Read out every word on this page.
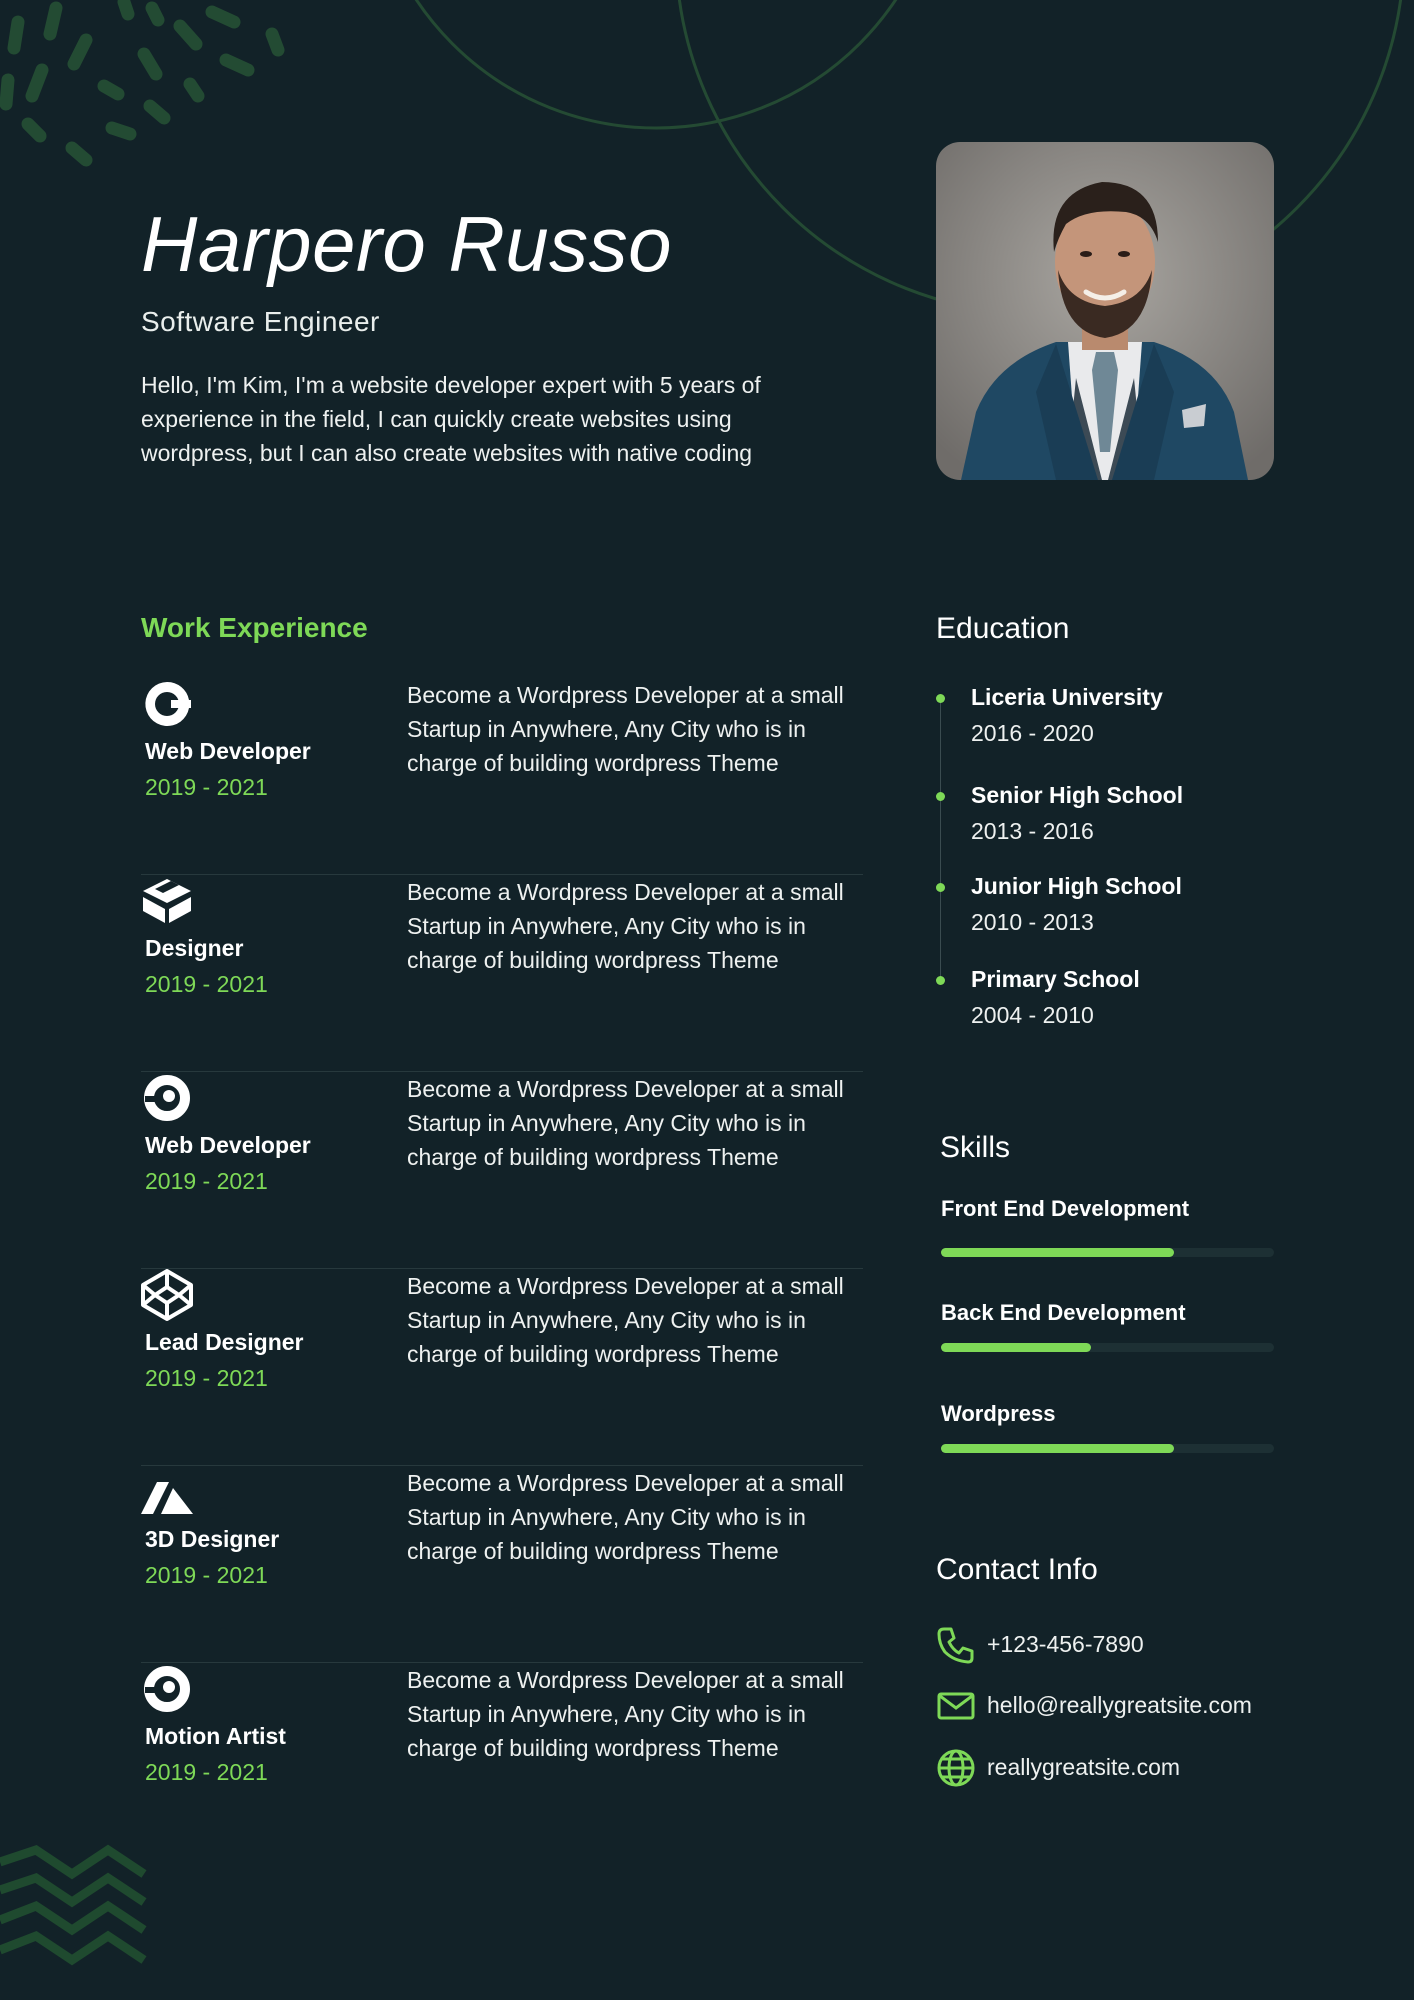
Harpero Russo
Software Engineer
Hello, I'm Kim, I'm a website developer expert with 5 years of experience in the field, I can quickly create websites using wordpress, but I can also create websites with native coding
Work Experience
Web Developer
2019 - 2021
Become a Wordpress Developer at a small Startup in Anywhere, Any City who is in charge of building wordpress Theme
Designer
2019 - 2021
Become a Wordpress Developer at a small Startup in Anywhere, Any City who is in charge of building wordpress Theme
Web Developer
2019 - 2021
Become a Wordpress Developer at a small Startup in Anywhere, Any City who is in charge of building wordpress Theme
Lead Designer
2019 - 2021
Become a Wordpress Developer at a small Startup in Anywhere, Any City who is in charge of building wordpress Theme
3D Designer
2019 - 2021
Become a Wordpress Developer at a small Startup in Anywhere, Any City who is in charge of building wordpress Theme
Motion Artist
2019 - 2021
Become a Wordpress Developer at a small Startup in Anywhere, Any City who is in charge of building wordpress Theme
Education
Liceria University
2016 - 2020
Senior High School
2013 - 2016
Junior High School
2010 - 2013
Primary School
2004 - 2010
Skills
Front End Development
Back End Development
Wordpress
Contact Info
+123-456-7890
hello@reallygreatsite.com
reallygreatsite.com
